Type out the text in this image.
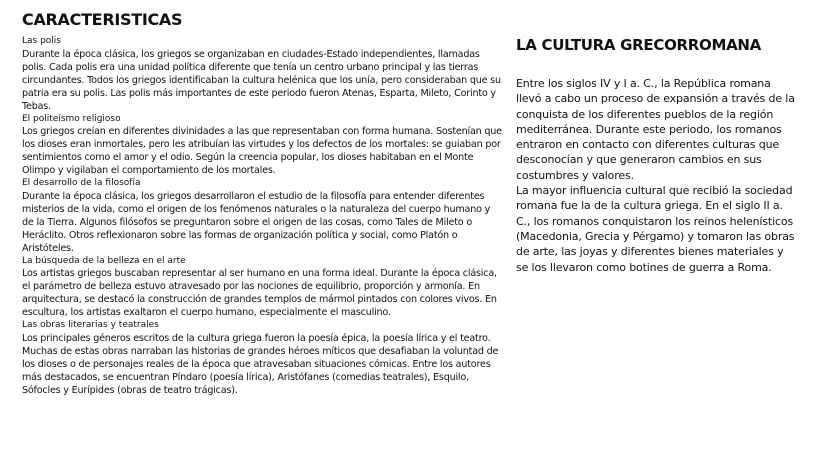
CARACTERISTICAS

Las polis

Durante la época clásica, los griegos se organizaban en ciudades-Estado independientes, llamadas polis. Cada polis era una unidad política diferente que tenía un centro urbano principal y las tierras circundantes. Todos los griegos identificaban la cultura helénica que los unía, pero consideraban que su patria era su polis. Las polis más importantes de este periodo fueron Atenas, Esparta, Mileto, Corinto y Tebas.

El politeísmo religioso

Los griegos creían en diferentes divinidades a las que representaban con forma humana. Sostenían que los dioses eran inmortales, pero les atribuían las virtudes y los defectos de los mortales: se guiaban por sentimientos como el amor y el odio. Según la creencia popular, los dioses habitaban en el Monte Olimpo y vigilaban el comportamiento de los mortales.

El desarrollo de la filosofía

Durante la época clásica, los griegos desarrollaron el estudio de la filosofía para entender diferentes misterios de la vida, como el origen de los fenómenos naturales o la naturaleza del cuerpo humano y de la Tierra. Algunos filósofos se preguntaron sobre el origen de las cosas, como Tales de Mileto o Heráclito. Otros reflexionaron sobre las formas de organización política y social, como Platón o Aristóteles.

La búsqueda de la belleza en el arte

Los artistas griegos buscaban representar al ser humano en una forma ideal. Durante la época clásica, el parámetro de belleza estuvo atravesado por las nociones de equilibrio, proporción y armonía. En arquitectura, se destacó la construcción de grandes templos de mármol pintados con colores vivos. En escultura, los artistas exaltaron el cuerpo humano, especialmente el masculino.

Las obras literarias y teatrales

Los principales géneros escritos de la cultura griega fueron la poesía épica, la poesía lírica y el teatro. Muchas de estas obras narraban las historias de grandes héroes míticos que desafiaban la voluntad de los dioses o de personajes reales de la época que atravesaban situaciones cómicas. Entre los autores más destacados, se encuentran Píndaro (poesía lírica), Aristófanes (comedias teatrales), Esquilo, Sófocles y Eurípides (obras de teatro trágicas).

LA CULTURA GRECORROMANA

Entre los siglos IV y I a. C., la República romana llevó a cabo un proceso de expansión a través de la conquista de los diferentes pueblos de la región mediterránea. Durante este periodo, los romanos entraron en contacto con diferentes culturas que desconocían y que generaron cambios en sus costumbres y valores.

La mayor influencia cultural que recibió la sociedad romana fue la de la cultura griega. En el siglo II a. C., los romanos conquistaron los reinos helenísticos (Macedonia, Grecia y Pérgamo) y tomaron las obras de arte, las joyas y diferentes bienes materiales y se los llevaron como botines de guerra a Roma.
